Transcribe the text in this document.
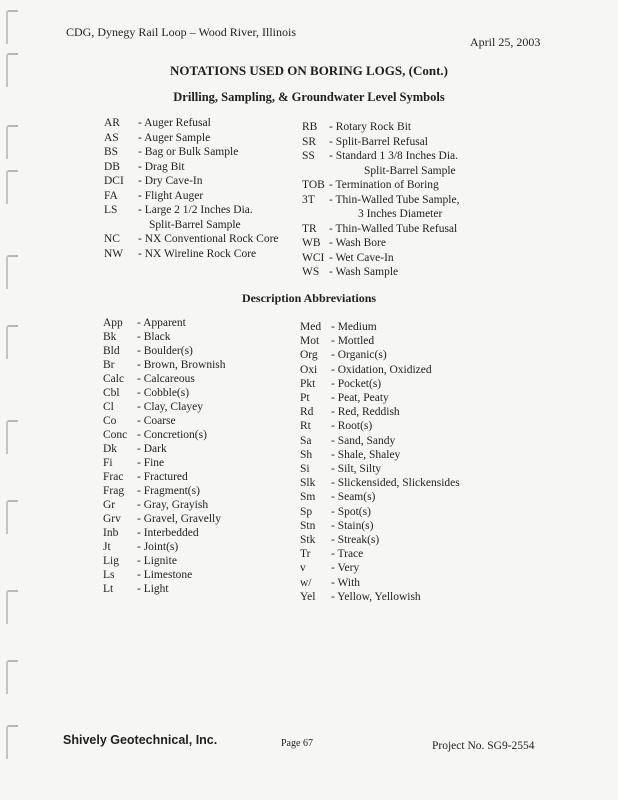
CDG, Dynegy Rail Loop – Wood River, Illinois
April 25, 2003
NOTATIONS USED ON BORING LOGS, (Cont.)
Drilling, Sampling, & Groundwater Level Symbols
AR - Auger Refusal
AS - Auger Sample
BS - Bag or Bulk Sample
DB - Drag Bit
DCI - Dry Cave-In
FA - Flight Auger
LS - Large 2 1/2 Inches Dia.
Split-Barrel Sample
NC - NX Conventional Rock Core
NW - NX Wireline Rock Core
RB - Rotary Rock Bit
SR - Split-Barrel Refusal
SS - Standard 1 3/8 Inches Dia.
Split-Barrel Sample
TOB - Termination of Boring
3T - Thin-Walled Tube Sample,
3 Inches Diameter
TR - Thin-Walled Tube Refusal
WB - Wash Bore
WCI - Wet Cave-In
WS - Wash Sample
Description Abbreviations
App - Apparent
Bk - Black
Bld - Boulder(s)
Br - Brown, Brownish
Calc - Calcareous
Cbl - Cobble(s)
Cl - Clay, Clayey
Co - Coarse
Conc - Concretion(s)
Dk - Dark
Fi - Fine
Frac - Fractured
Frag - Fragment(s)
Gr - Gray, Grayish
Grv - Gravel, Gravelly
Inb - Interbedded
Jt - Joint(s)
Lig - Lignite
Ls - Limestone
Lt - Light
Med - Medium
Mot - Mottled
Org - Organic(s)
Oxi - Oxidation, Oxidized
Pkt - Pocket(s)
Pt - Peat, Peaty
Rd - Red, Reddish
Rt - Root(s)
Sa - Sand, Sandy
Sh - Shale, Shaley
Si - Silt, Silty
Slk - Slickensided, Slickensides
Sm - Seam(s)
Sp - Spot(s)
Stn - Stain(s)
Stk - Streak(s)
Tr - Trace
v - Very
w/ - With
Yel - Yellow, Yellowish
Shively Geotechnical, Inc.	Page 67	Project No. SG9-2554
